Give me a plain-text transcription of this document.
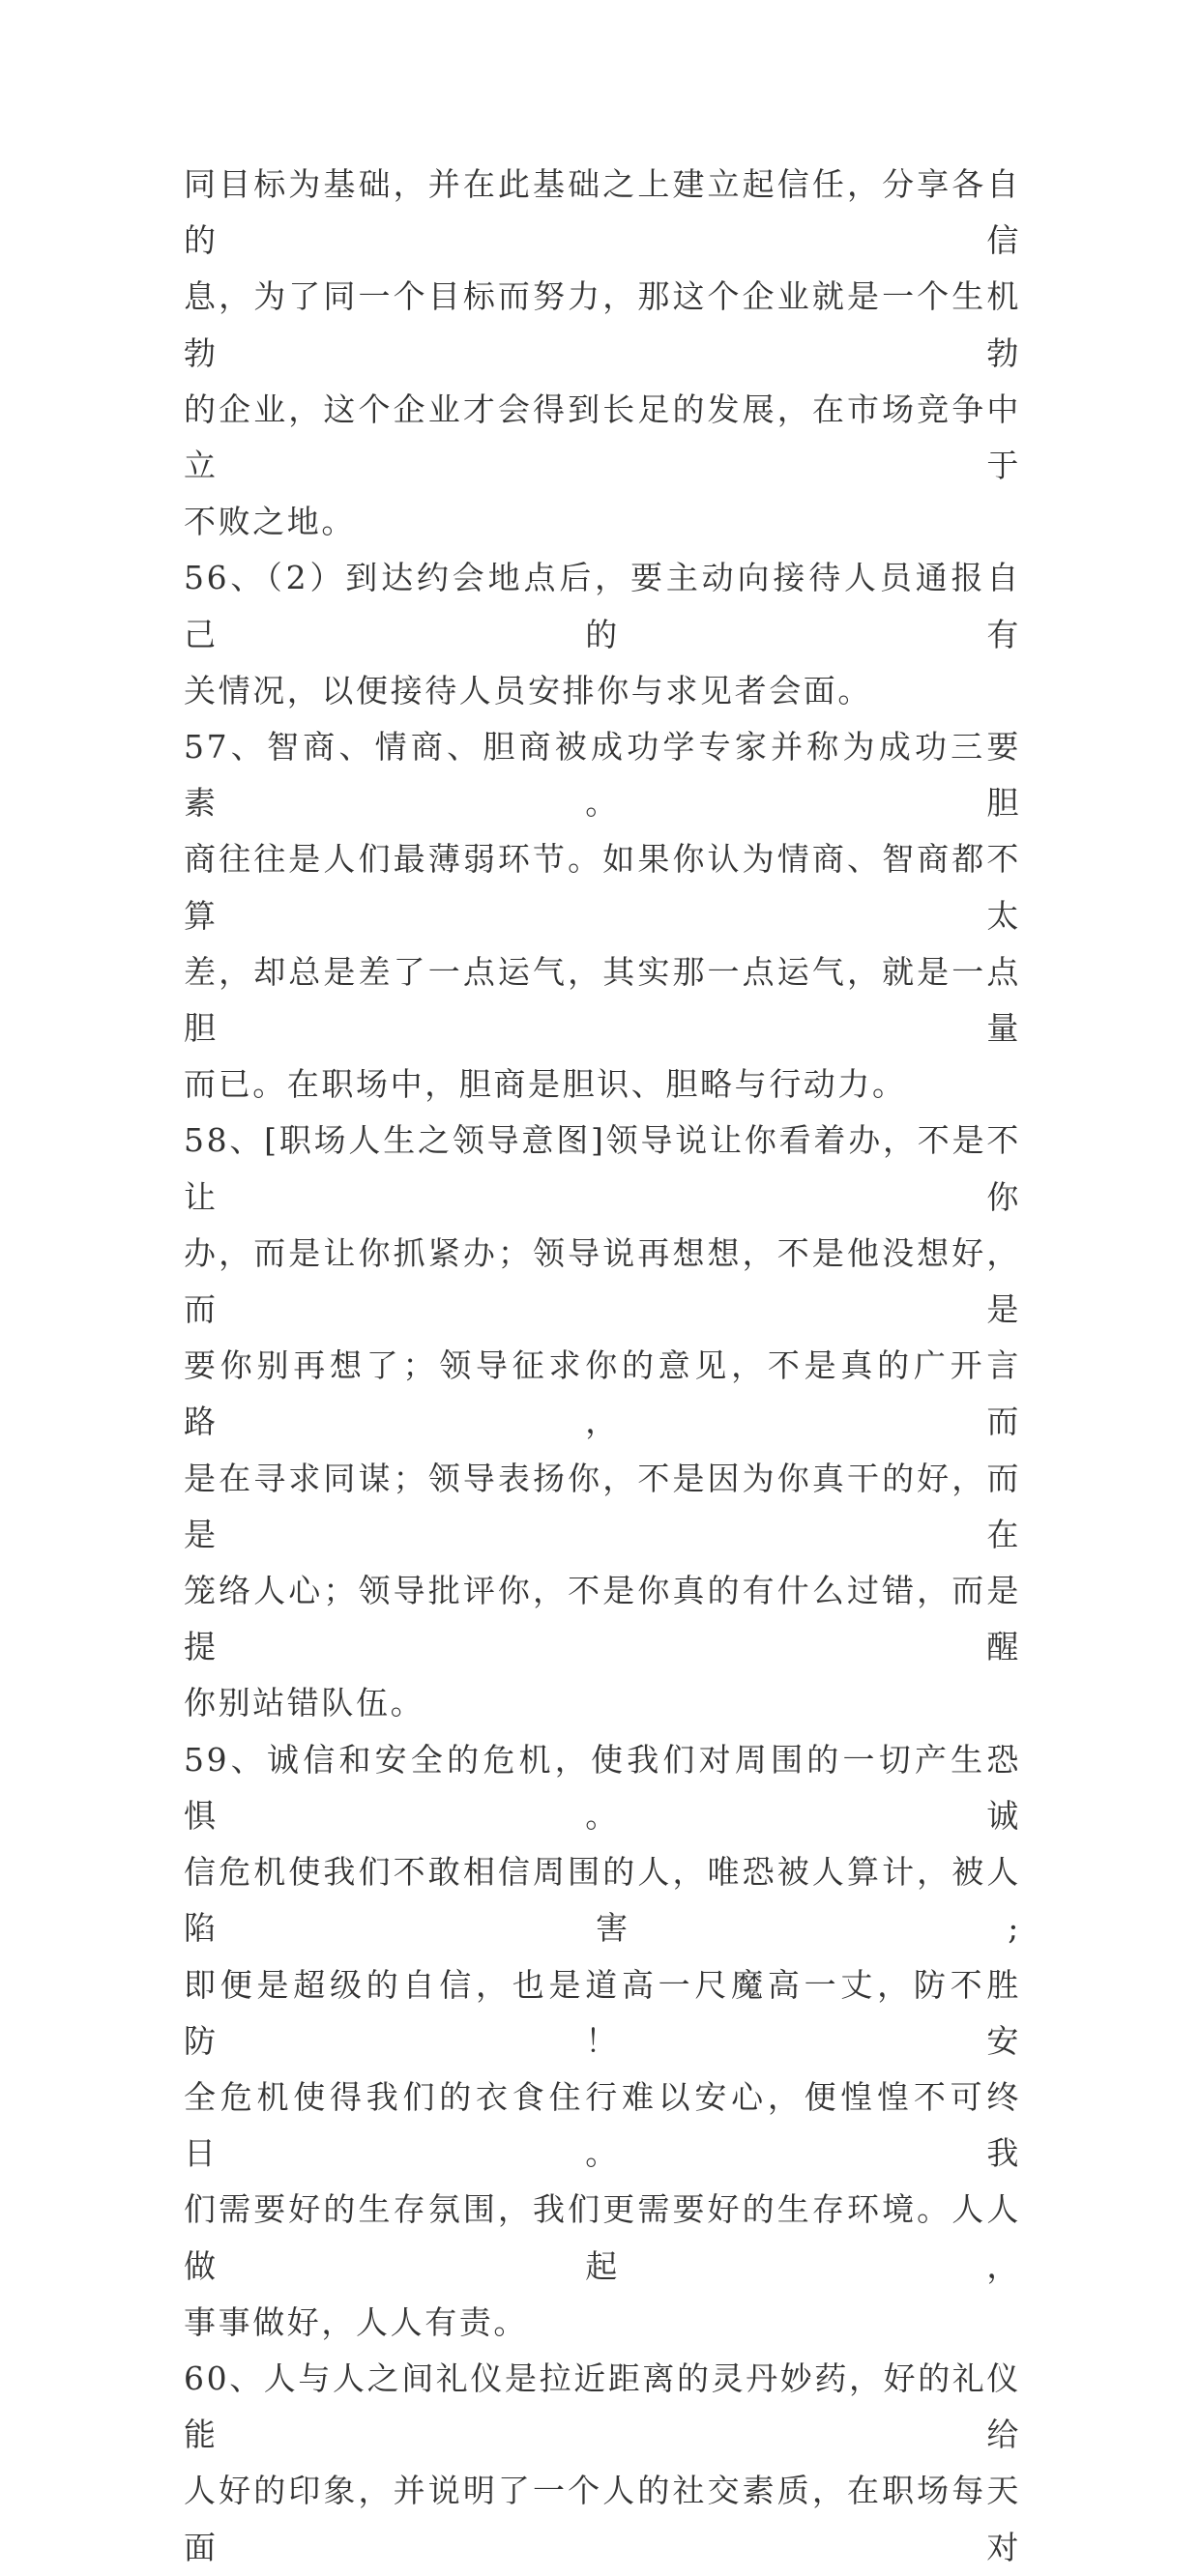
同目标为基础，并在此基础之上建立起信任，分享各自的信
息，为了同一个目标而努力，那这个企业就是一个生机勃勃
的企业，这个企业才会得到长足的发展，在市场竞争中立于
不败之地。
56、（2）到达约会地点后，要主动向接待人员通报自己的有
关情况，以便接待人员安排你与求见者会面。
57、智商、情商、胆商被成功学专家并称为成功三要素。胆
商往往是人们最薄弱环节。如果你认为情商、智商都不算太
差，却总是差了一点运气，其实那一点运气，就是一点胆量
而已。在职场中，胆商是胆识、胆略与行动力。
58、[职场人生之领导意图]领导说让你看着办，不是不让你
办，而是让你抓紧办；领导说再想想，不是他没想好，而是
要你别再想了；领导征求你的意见，不是真的广开言路，而
是在寻求同谋；领导表扬你，不是因为你真干的好，而是在
笼络人心；领导批评你，不是你真的有什么过错，而是提醒
你别站错队伍。
59、诚信和安全的危机，使我们对周围的一切产生恐惧。诚
信危机使我们不敢相信周围的人，唯恐被人算计，被人陷害;
即便是超级的自信，也是道高一尺魔高一丈，防不胜防！安
全危机使得我们的衣食住行难以安心，便惶惶不可终日。我
们需要好的生存氛围，我们更需要好的生存环境。人人做起，
事事做好，人人有责。
60、人与人之间礼仪是拉近距离的灵丹妙药，好的礼仪能给
人好的印象，并说明了一个人的社交素质，在职场每天面对
